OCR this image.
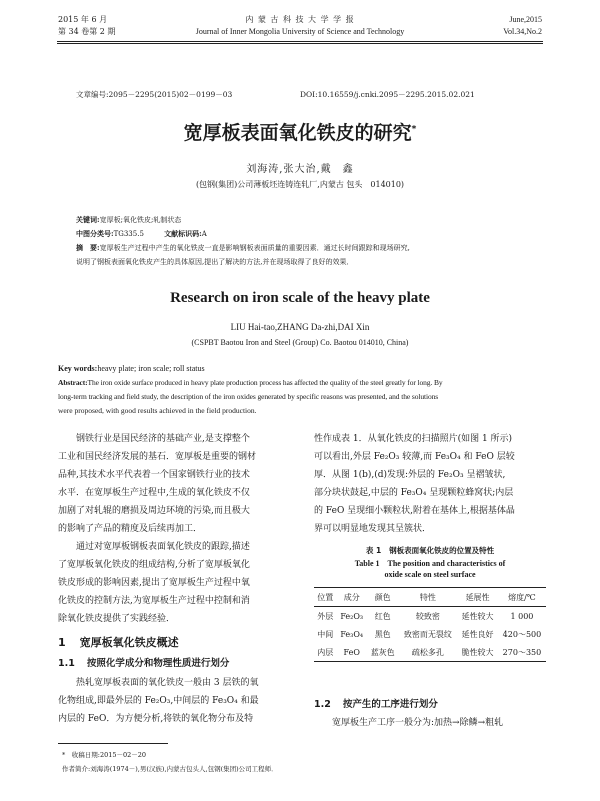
2015 年 6 月
第 34 卷第 2 期
内 蒙 古 科 技 大 学 学 报
Journal of Inner Mongolia University of Science and Technology
June,2015
Vol.34,No.2
文章编号:2095－2295(2015)02－0199－03	DOI:10.16559/j.cnki.2095－2295.2015.02.021
宽厚板表面氧化铁皮的研究*
刘海涛,张大治,戴　鑫
(包钢(集团)公司薄板坯连铸连轧厂,内蒙古 包头　014010)
关键词:宽厚板;氧化铁皮;轧制状态
中图分类号:TG335.5	文献标识码:A
摘　要:宽厚板生产过程中产生的氧化铁皮一直是影响钢板表面质量的重要因素．通过长时间跟踪和现场研究,
说明了钢板表面氧化铁皮产生的具体原因,提出了解决的方法,并在现场取得了良好的效果．
Research on iron scale of the heavy plate
LIU Hai-tao,ZHANG Da-zhi,DAI Xin
(CSPBT Baotou Iron and Steel (Group) Co. Baotou 014010, China)
Key words:heavy plate; iron scale; roll status
Abstract:The iron oxide surface produced in heavy plate production process has affected the quality of the steel greatly for long. By
long-term tracking and field study, the description of the iron oxides generated by specific reasons was presented, and the solutions
were proposed, with good results achieved in the field production.
钢铁行业是国民经济的基础产业,是支撑整个
工业和国民经济发展的基石．宽厚板是重要的钢材
品种,其技术水平代表着一个国家钢铁行业的技术
水平．在宽厚板生产过程中,生成的氧化铁皮不仅
加剧了对轧辊的磨损及周边环境的污染,而且极大
的影响了产品的精度及后续再加工．
通过对宽厚板钢板表面氧化铁皮的跟踪,描述
了宽厚板氧化铁皮的组成结构,分析了宽厚板氧化
铁皮形成的影响因素,提出了宽厚板生产过程中氧
化铁皮的控制方法,为宽厚板生产过程中控制和消
除氧化铁皮提供了实践经验．
1 宽厚板氧化铁皮概述
1.1 按照化学成分和物理性质进行划分
热轧宽厚板表面的氧化铁皮一般由 3 层铁的氧
化物组成,即最外层的 Fe₂O₃,中间层的 Fe₃O₄ 和最
内层的 FeO．为方便分析,将铁的氧化物分布及特
性作成表 1．从氧化铁皮的扫描照片(如图 1 所示)
可以看出,外层 Fe₂O₃ 较薄,而 Fe₃O₄ 和 FeO 层较
厚．从图 1(b),(d)发现:外层的 Fe₂O₃ 呈褶皱状,
部分块状鼓起,中层的 Fe₃O₄ 呈现颗粒蜂窝状;内层
的 FeO 呈现细小颗粒状,附着在基体上,根据基体晶
界可以明显地发现其呈簇状．
表 1 钢板表面氧化铁皮的位置及特性
Table 1　The position and characteristics of
oxide scale on steel surface
位置	成分	颜色	特性	延展性	熔度/℃
外层	Fe₂O₃	红色	较致密	延性较大	1 000
中间	Fe₃O₄	黑色	致密而无裂纹	延性良好	420～500
内层	FeO	蓝灰色	疏松多孔	脆性较大	270～350
1.2 按产生的工序进行划分
宽厚板生产工序一般分为:加热→除鳞→粗轧
*　收稿日期:2015－02－20
作者简介:刘海涛(1974－),男(汉族),内蒙古包头人,包钢(集团)公司工程师．
